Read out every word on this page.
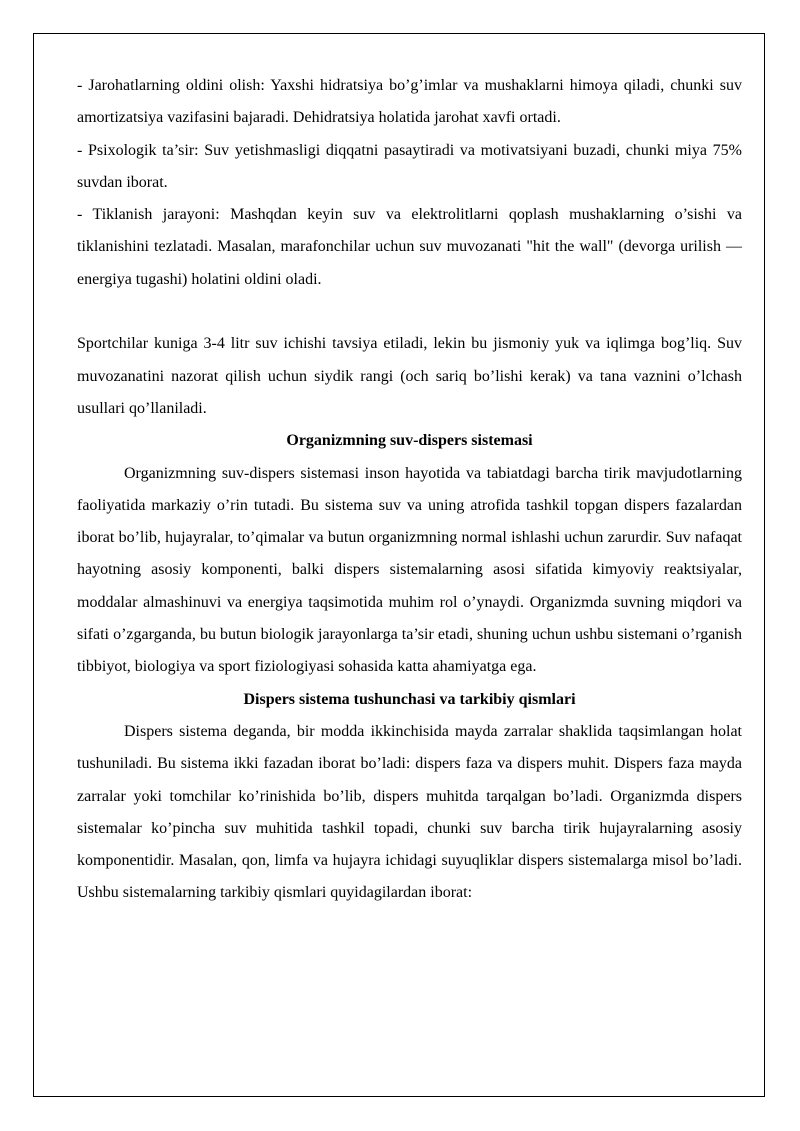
- Jarohatlarning oldini olish: Yaxshi hidratsiya bo’g’imlar va mushaklarni himoya qiladi, chunki suv amortizatsiya vazifasini bajaradi. Dehidratsiya holatida jarohat xavfi ortadi.

- Psixologik ta’sir: Suv yetishmasligi diqqatni pasaytiradi va motivatsiyani buzadi, chunki miya 75% suvdan iborat.

- Tiklanish jarayoni: Mashqdan keyin suv va elektrolitlarni qoplash mushaklarning o’sishi va tiklanishini tezlatadi. Masalan, marafonchilar uchun suv muvozanati "hit the wall" (devorga urilish — energiya tugashi) holatini oldini oladi.

Sportchilar kuniga 3-4 litr suv ichishi tavsiya etiladi, lekin bu jismoniy yuk va iqlimga bog’liq. Suv muvozanatini nazorat qilish uchun siydik rangi (och sariq bo’lishi kerak) va tana vaznini o’lchash usullari qo’llaniladi.

Organizmning suv-dispers sistemasi

Organizmning suv-dispers sistemasi inson hayotida va tabiatdagi barcha tirik mavjudotlarning faoliyatida markaziy o’rin tutadi. Bu sistema suv va uning atrofida tashkil topgan dispers fazalardan iborat bo’lib, hujayralar, to’qimalar va butun organizmning normal ishlashi uchun zarurdir. Suv nafaqat hayotning asosiy komponenti, balki dispers sistemalarning asosi sifatida kimyoviy reaktsiyalar, moddalar almashinuvi va energiya taqsimotida muhim rol o’ynaydi. Organizmda suvning miqdori va sifati o’zgarganda, bu butun biologik jarayonlarga ta’sir etadi, shuning uchun ushbu sistemani o’rganish tibbiyot, biologiya va sport fiziologiyasi sohasida katta ahamiyatga ega.

Dispers sistema tushunchasi va tarkibiy qismlari

Dispers sistema deganda, bir modda ikkinchisida mayda zarralar shaklida taqsimlangan holat tushuniladi. Bu sistema ikki fazadan iborat bo’ladi: dispers faza va dispers muhit. Dispers faza mayda zarralar yoki tomchilar ko’rinishida bo’lib, dispers muhitda tarqalgan bo’ladi. Organizmda dispers sistemalar ko’pincha suv muhitida tashkil topadi, chunki suv barcha tirik hujayralarning asosiy komponentidir. Masalan, qon, limfa va hujayra ichidagi suyuqliklar dispers sistemalarga misol bo’ladi. Ushbu sistemalarning tarkibiy qismlari quyidagilardan iborat:
